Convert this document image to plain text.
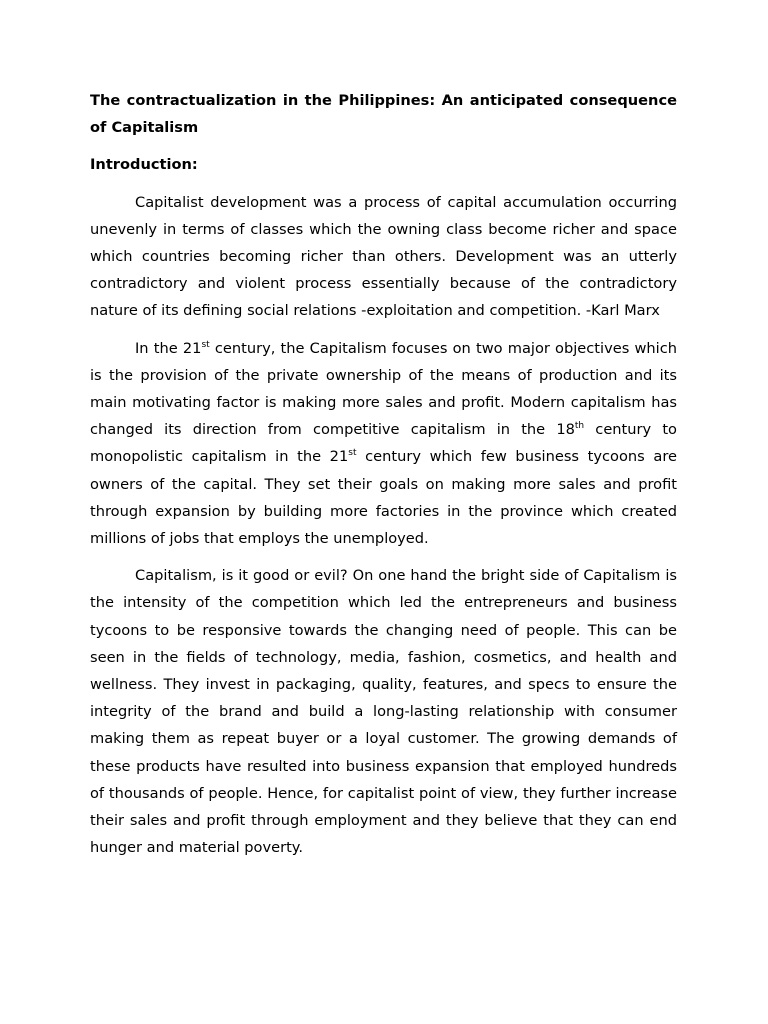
The contractualization in the Philippines: An anticipated consequence of Capitalism

Introduction:

Capitalist development was a process of capital accumulation occurring unevenly in terms of classes which the owning class become richer and space which countries becoming richer than others. Development was an utterly contradictory and violent process essentially because of the contradictory nature of its defining social relations -exploitation and competition. -Karl Marx

In the 21st century, the Capitalism focuses on two major objectives which is the provision of the private ownership of the means of production and its main motivating factor is making more sales and profit. Modern capitalism has changed its direction from competitive capitalism in the 18th century to monopolistic capitalism in the 21st century which few business tycoons are owners of the capital. They set their goals on making more sales and profit through expansion by building more factories in the province which created millions of jobs that employs the unemployed.

Capitalism, is it good or evil? On one hand the bright side of Capitalism is the intensity of the competition which led the entrepreneurs and business tycoons to be responsive towards the changing need of people. This can be seen in the fields of technology, media, fashion, cosmetics, and health and wellness. They invest in packaging, quality, features, and specs to ensure the integrity of the brand and build a long-lasting relationship with consumer making them as repeat buyer or a loyal customer. The growing demands of these products have resulted into business expansion that employed hundreds of thousands of people. Hence, for capitalist point of view, they further increase their sales and profit through employment and they believe that they can end hunger and material poverty.
